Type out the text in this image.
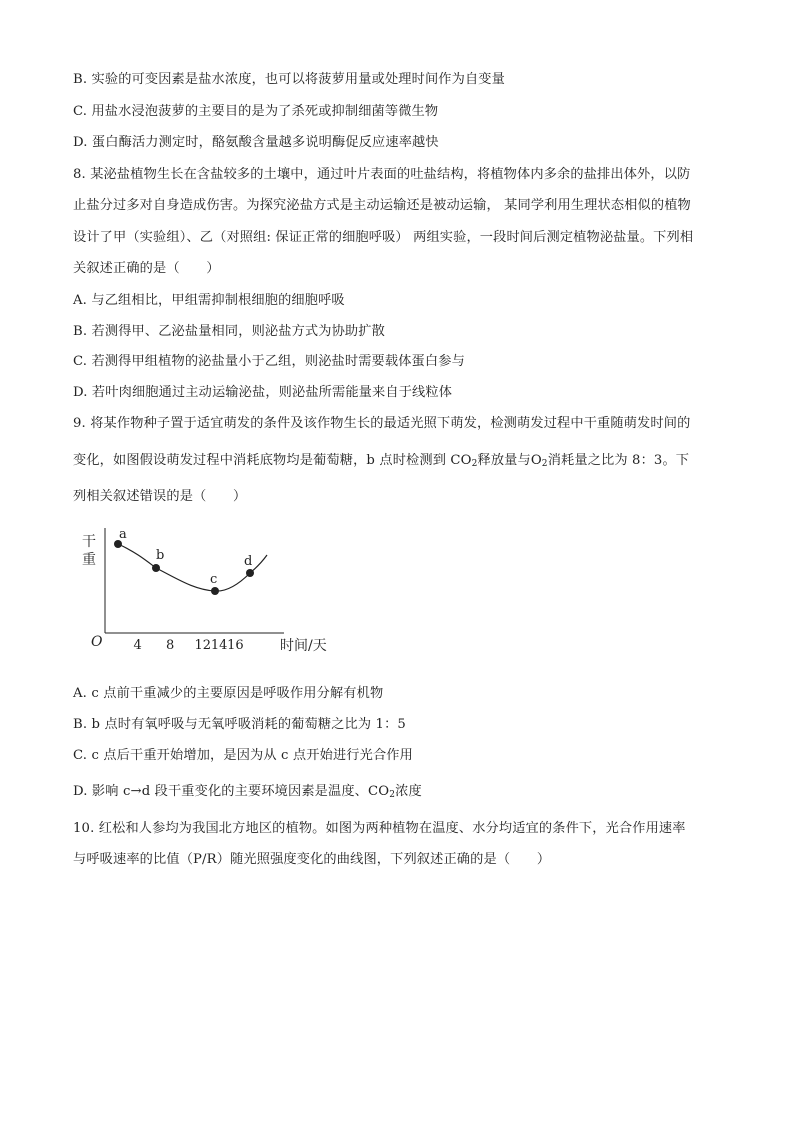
B. 实验的可变因素是盐水浓度，也可以将菠萝用量或处理时间作为自变量
C. 用盐水浸泡菠萝的主要目的是为了杀死或抑制细菌等微生物
D. 蛋白酶活力测定时，酪氨酸含量越多说明酶促反应速率越快
8. 某泌盐植物生长在含盐较多的土壤中，通过叶片表面的吐盐结构，将植物体内多余的盐排出体外，以防
止盐分过多对自身造成伤害。为探究泌盐方式是主动运输还是被动运输， 某同学利用生理状态相似的植物
设计了甲（实验组）、乙（对照组: 保证正常的细胞呼吸） 两组实验，一段时间后测定植物泌盐量。下列相
关叙述正确的是（　　）
A. 与乙组相比，甲组需抑制根细胞的细胞呼吸
B. 若测得甲、乙泌盐量相同，则泌盐方式为协助扩散
C. 若测得甲组植物的泌盐量小于乙组，则泌盐时需要载体蛋白参与
D. 若叶肉细胞通过主动运输泌盐，则泌盐所需能量来自于线粒体
9. 将某作物种子置于适宜萌发的条件及该作物生长的最适光照下萌发，检测萌发过程中干重随萌发时间的
变化，如图假设萌发过程中消耗底物均是葡萄糖，b 点时检测到 $CO_2$释放量与$O_2$消耗量之比为 8：3。下
列相关叙述错误的是（　　）
干
重
O 4 8 12 14 16	时间/天
a
b
c
d
A. c 点前干重减少的主要原因是呼吸作用分解有机物
B. b 点时有氧呼吸与无氧呼吸消耗的葡萄糖之比为 1：5
C. c 点后干重开始增加，是因为从 c 点开始进行光合作用
D. 影响 c→d 段干重变化的主要环境因素是温度、$CO_2$浓度
10. 红松和人参均为我国北方地区的植物。如图为两种植物在温度、水分均适宜的条件下，光合作用速率
与呼吸速率的比值（P/R）随光照强度变化的曲线图，下列叙述正确的是（　　）
